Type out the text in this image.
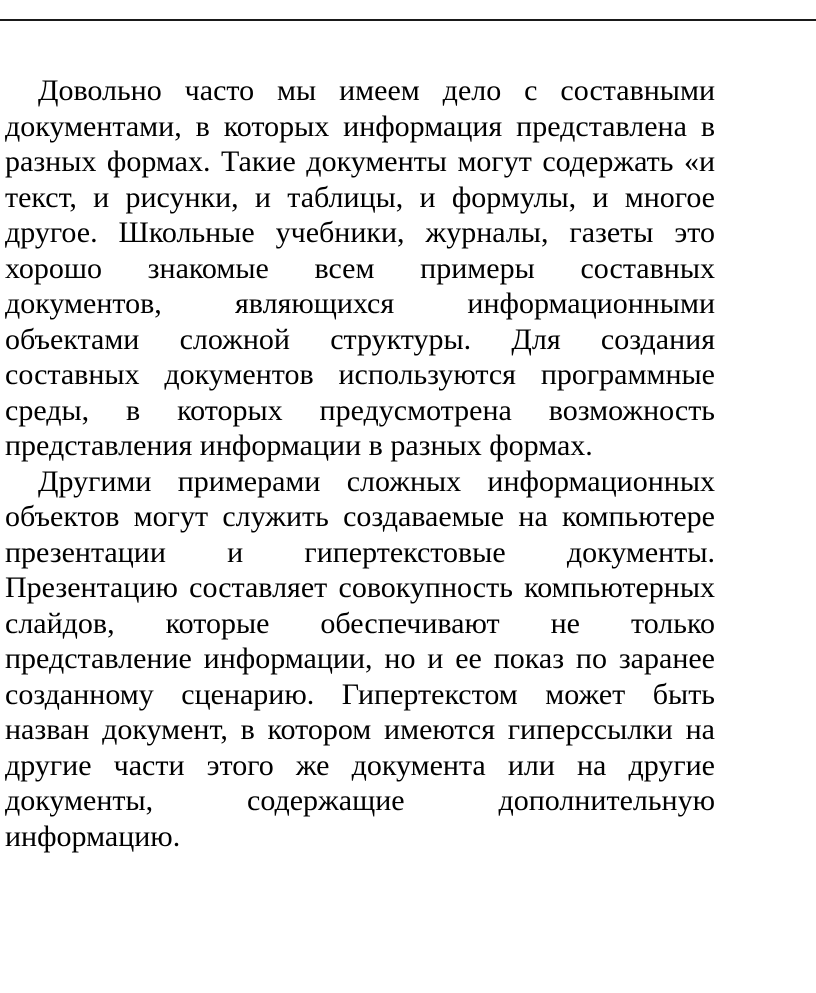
Довольно часто мы имеем дело с составными документами, в которых информация представлена в разных формах. Такие документы могут содержать «и текст, и рисунки, и таблицы, и формулы, и многое другое. Школьные учебники, журналы, газеты это хорошо знакомые всем примеры составных документов, являющихся информационными объектами сложной структуры. Для создания составных документов используются программные среды, в которых предусмотрена возможность представления информации в разных формах.

Другими примерами сложных информационных объектов могут служить создаваемые на компьютере презентации и гипертекстовые документы. Презентацию составляет совокупность компьютерных слайдов, которые обеспечивают не только представление информации, но и ее показ по заранее созданному сценарию. Гипертекстом может быть назван документ, в котором имеются гиперссылки на другие части этого же документа или на другие документы, содержащие дополнительную информацию.
